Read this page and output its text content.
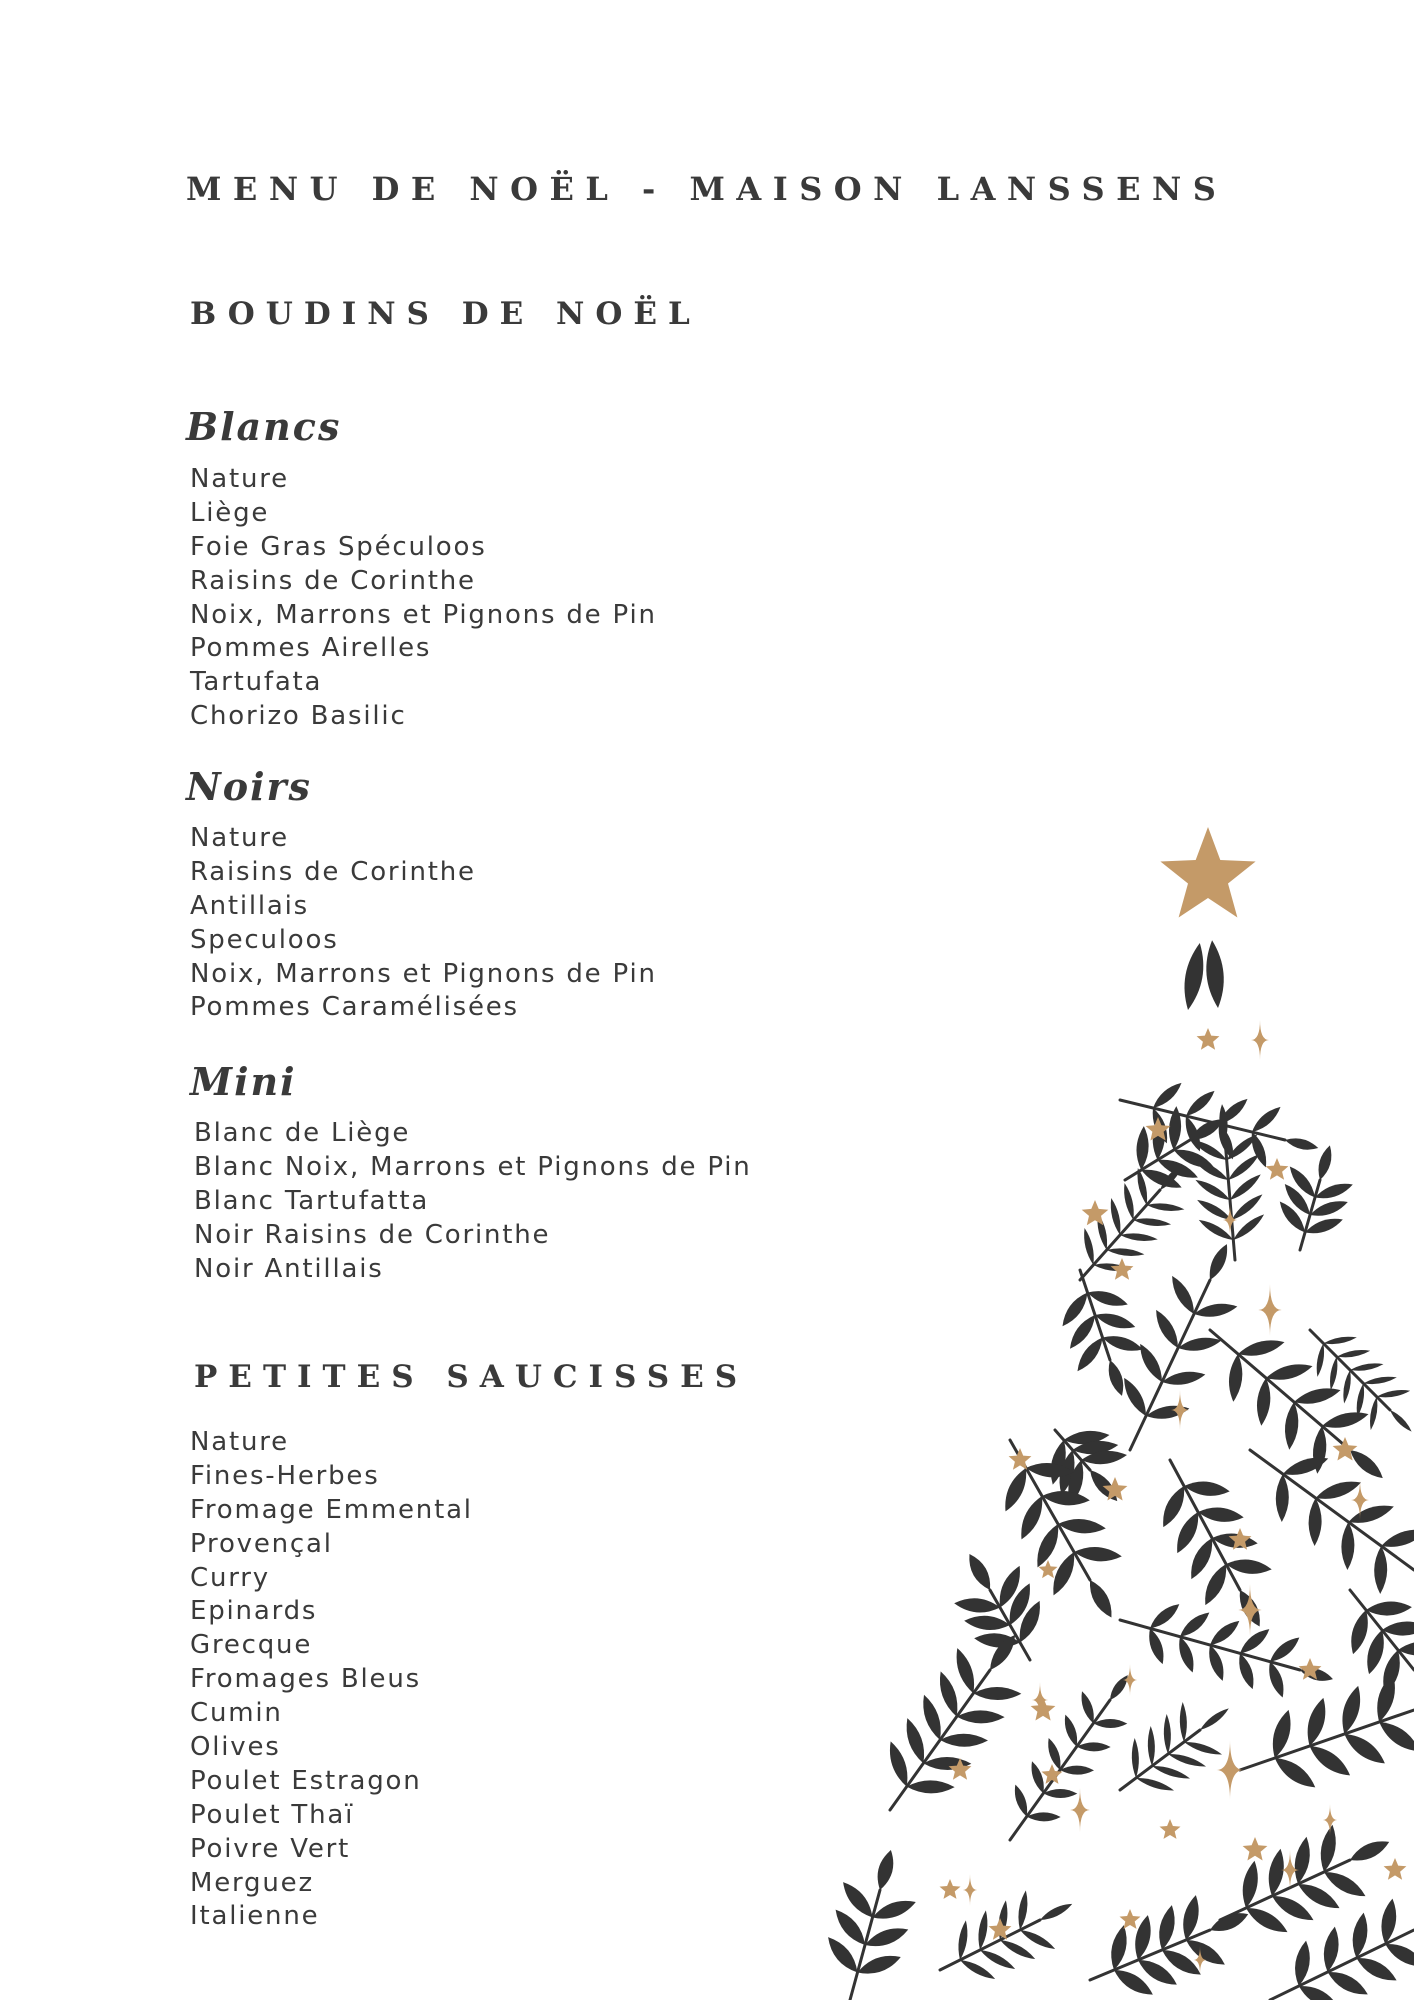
MENU DE NOËL - MAISON LANSSENS
BOUDINS DE NOËL
Blancs
Nature
Liège
Foie Gras Spéculoos
Raisins de Corinthe
Noix, Marrons et Pignons de Pin
Pommes Airelles
Tartufata
Chorizo Basilic
Noirs
Nature
Raisins de Corinthe
Antillais
Speculoos
Noix, Marrons et Pignons de Pin
Pommes Caramélisées
Mini
Blanc de Liège
Blanc Noix, Marrons et Pignons de Pin
Blanc Tartufatta
Noir Raisins de Corinthe
Noir Antillais
PETITES SAUCISSES
Nature
Fines-Herbes
Fromage Emmental
Provençal
Curry
Epinards
Grecque
Fromages Bleus
Cumin
Olives
Poulet Estragon
Poulet Thaï
Poivre Vert
Merguez
Italienne
